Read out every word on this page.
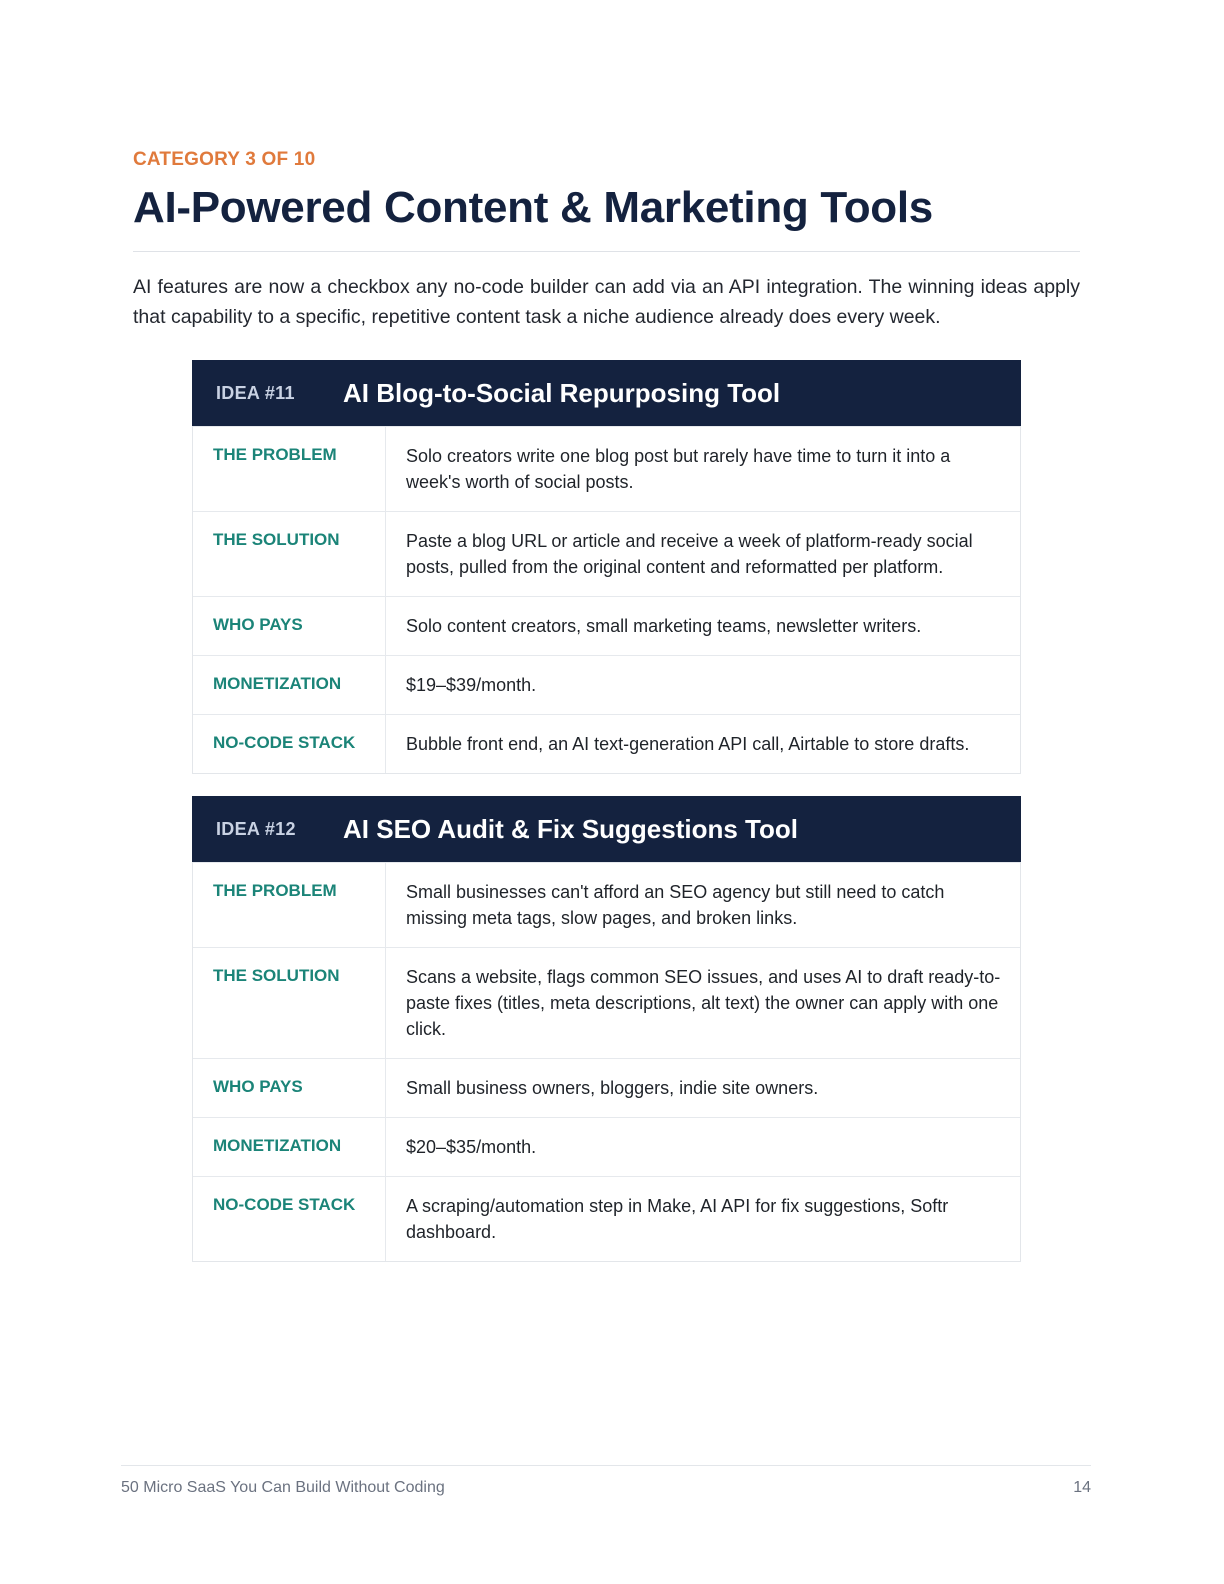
CATEGORY 3 OF 10
AI-Powered Content & Marketing Tools

AI features are now a checkbox any no-code builder can add via an API integration. The winning ideas apply that capability to a specific, repetitive content task a niche audience already does every week.

IDEA #11	AI Blog-to-Social Repurposing Tool
THE PROBLEM	Solo creators write one blog post but rarely have time to turn it into a week's worth of social posts.
THE SOLUTION	Paste a blog URL or article and receive a week of platform-ready social posts, pulled from the original content and reformatted per platform.
WHO PAYS	Solo content creators, small marketing teams, newsletter writers.
MONETIZATION	$19–$39/month.
NO-CODE STACK	Bubble front end, an AI text-generation API call, Airtable to store drafts.
IDEA #12	AI SEO Audit & Fix Suggestions Tool
THE PROBLEM	Small businesses can't afford an SEO agency but still need to catch missing meta tags, slow pages, and broken links.
THE SOLUTION	Scans a website, flags common SEO issues, and uses AI to draft ready-to-paste fixes (titles, meta descriptions, alt text) the owner can apply with one click.
WHO PAYS	Small business owners, bloggers, indie site owners.
MONETIZATION	$20–$35/month.
NO-CODE STACK	A scraping/automation step in Make, AI API for fix suggestions, Softr dashboard.
50 Micro SaaS You Can Build Without Coding	14
